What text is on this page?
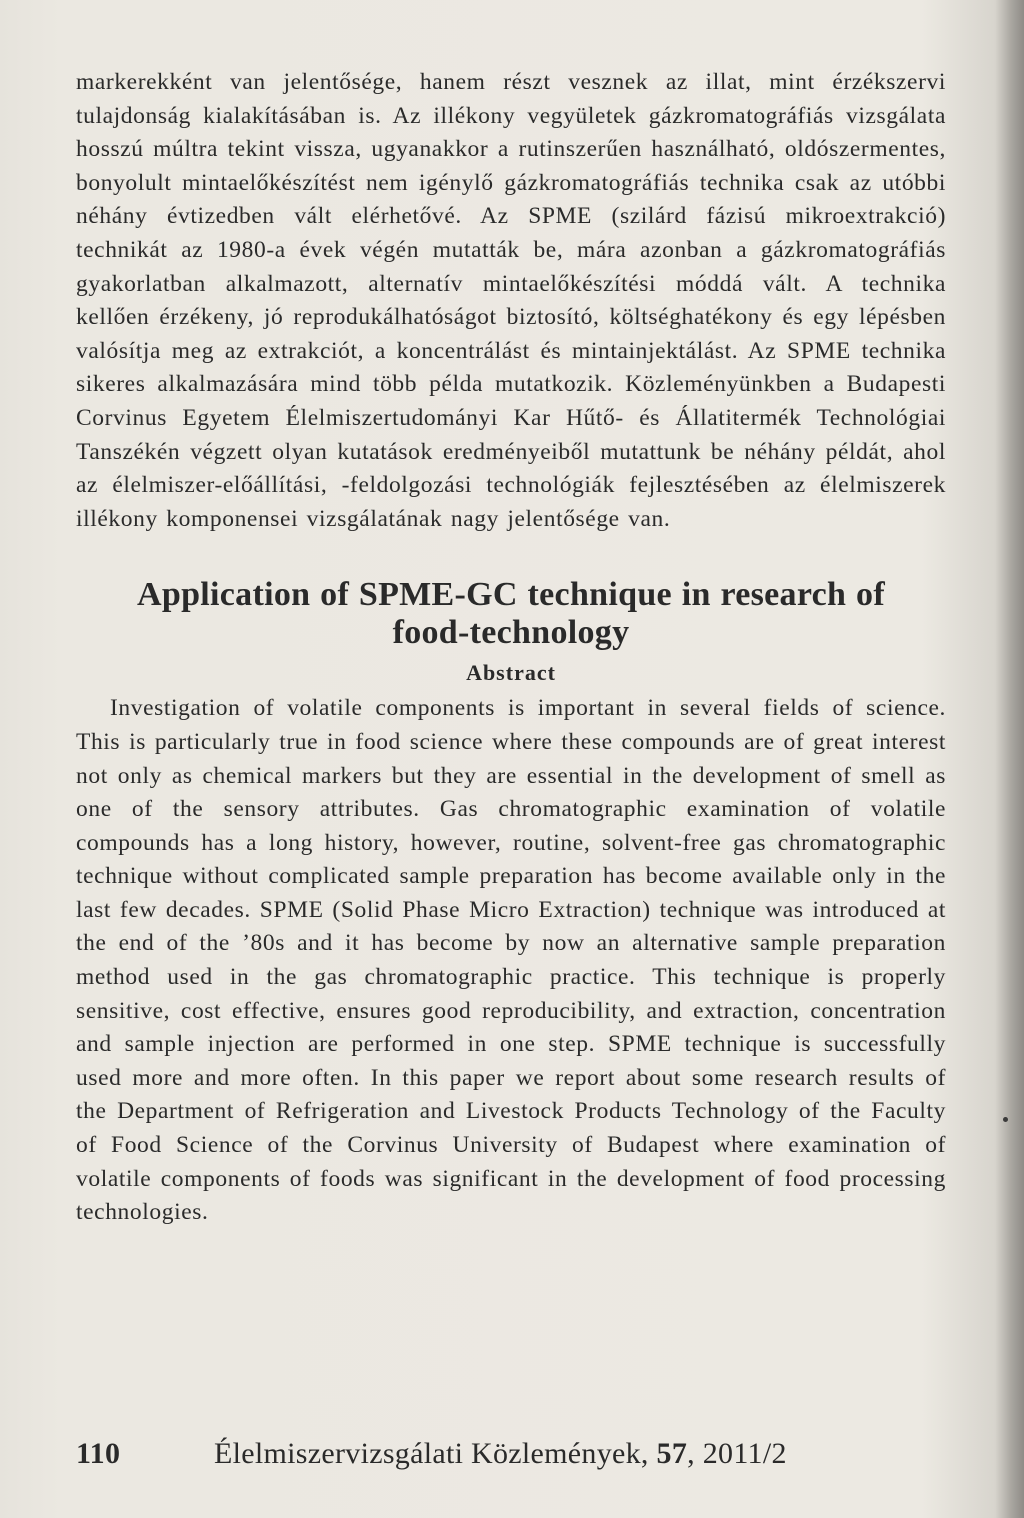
markerekként van jelentősége, hanem részt vesznek az illat, mint érzékszervi tulajdonság kialakításában is. Az illékony vegyületek gázkromatográfiás vizsgálata hosszú múltra tekint vissza, ugyanakkor a rutinszerűen használható, oldószermentes, bonyolult mintaelőkészítést nem igénylő gázkromatográfiás technika csak az utóbbi néhány évtizedben vált elérhetővé. Az SPME (szilárd fázisú mikroextrakció) technikát az 1980-a évek végén mutatták be, mára azonban a gázkromatográfiás gyakorlatban alkalmazott, alternatív mintaelőkészítési móddá vált. A technika kellően érzékeny, jó reprodukálhatóságot biztosító, költséghatékony és egy lépésben valósítja meg az extrakciót, a koncentrálást és mintainjektálást. Az SPME technika sikeres alkalmazására mind több példa mutatkozik. Közleményünkben a Budapesti Corvinus Egyetem Élelmiszertudományi Kar Hűtő- és Állatitermék Technológiai Tanszékén végzett olyan kutatások eredményeiből mutattunk be néhány példát, ahol az élelmiszer-előállítási, -feldolgozási technológiák fejlesztésében az élelmiszerek illékony komponensei vizsgálatának nagy jelentősége van.

Application of SPME-GC technique in research of
food-technology
Abstract

Investigation of volatile components is important in several fields of science. This is particularly true in food science where these compounds are of great interest not only as chemical markers but they are essential in the development of smell as one of the sensory attributes. Gas chromatographic examination of volatile compounds has a long history, however, routine, solvent-free gas chromatographic technique without complicated sample preparation has become available only in the last few decades. SPME (Solid Phase Micro Extraction) technique was introduced at the end of the ’80s and it has become by now an alternative sample preparation method used in the gas chromatographic practice. This technique is properly sensitive, cost effective, ensures good reproducibility, and extraction, concentration and sample injection are performed in one step. SPME technique is successfully used more and more often. In this paper we report about some research results of the Department of Refrigeration and Livestock Products Technology of the Faculty of Food Science of the Corvinus University of Budapest where examination of volatile components of foods was significant in the development of food processing technologies.

110	Élelmiszervizsgálati Közlemények, 57, 2011/2
